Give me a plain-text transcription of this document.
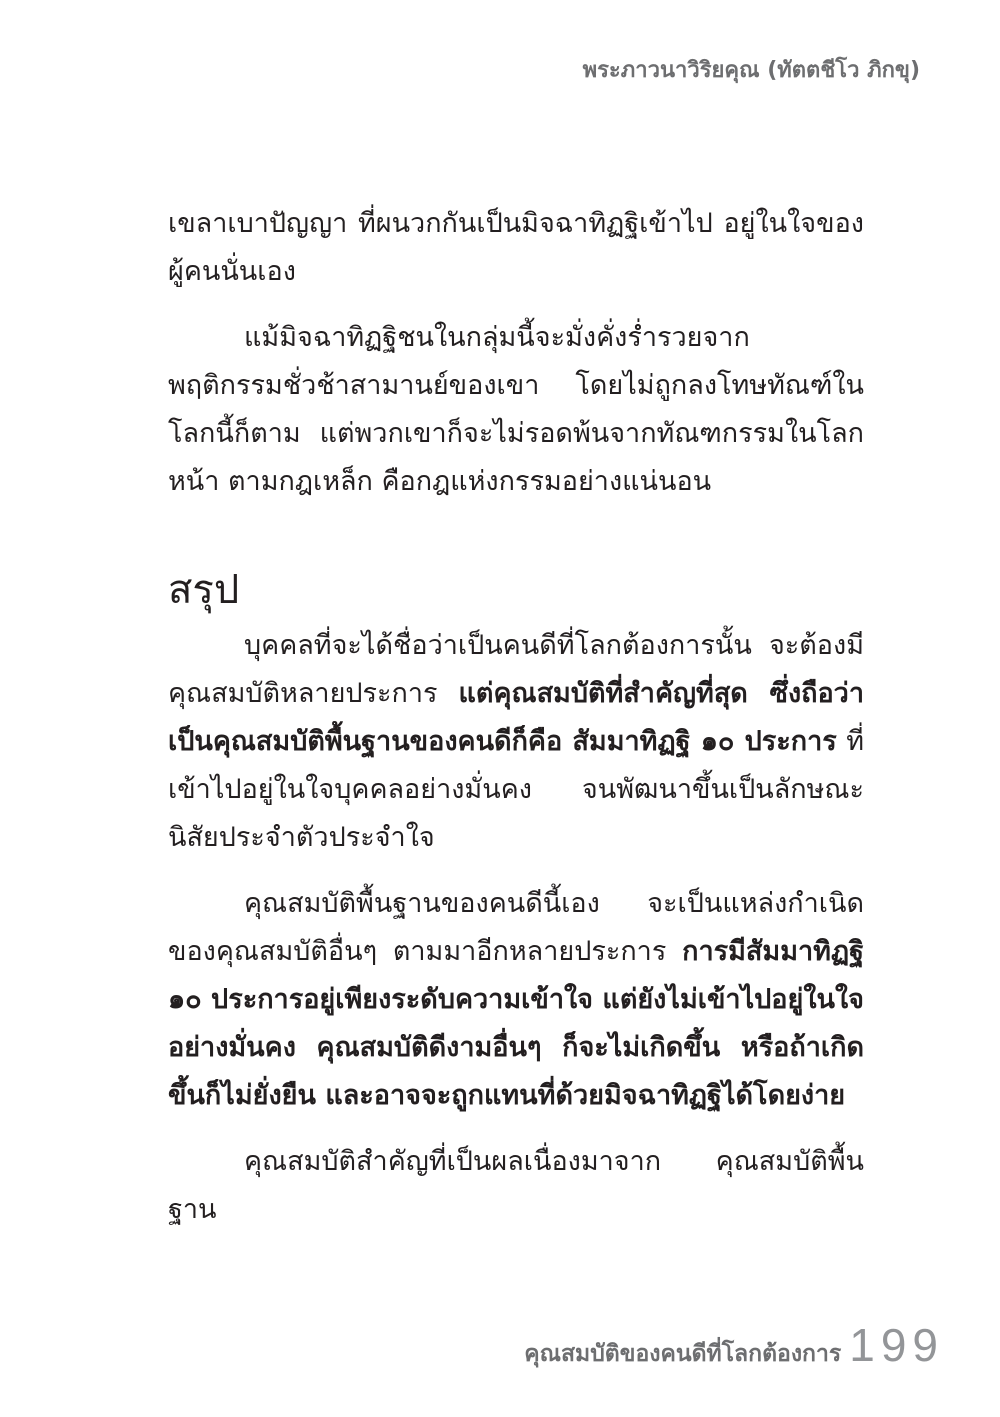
พระภาวนาวิริยคุณ (ทัตตชีโว ภิกขุ)

เขลาเบาปัญญา ที่ผนวกกันเป็นมิจฉาทิฏฐิเข้าไป อยู่ในใจของผู้คนนั่นเอง

แม้มิจฉาทิฏฐิชนในกลุ่มนี้จะมั่งคั่งร่ำรวยจากพฤติกรรมชั่วช้าสามานย์ของเขา โดยไม่ถูกลงโทษทัณฑ์ในโลกนี้ก็ตาม แต่พวกเขาก็จะไม่รอดพ้นจากทัณฑกรรมในโลกหน้า ตามกฎเหล็ก คือกฎแห่งกรรมอย่างแน่นอน

สรุป

บุคคลที่จะได้ชื่อว่าเป็นคนดีที่โลกต้องการนั้น จะต้องมีคุณสมบัติหลายประการ แต่คุณสมบัติที่สำคัญที่สุด ซึ่งถือว่าเป็นคุณสมบัติพื้นฐานของคนดีก็คือ สัมมาทิฏฐิ ๑๐ ประการ ที่เข้าไปอยู่ในใจบุคคลอย่างมั่นคง จนพัฒนาขึ้นเป็นลักษณะนิสัยประจำตัวประจำใจ

คุณสมบัติพื้นฐานของคนดีนี้เอง จะเป็นแหล่งกำเนิดของคุณสมบัติอื่นๆ ตามมาอีกหลายประการ การมีสัมมาทิฏฐิ ๑๐ ประการอยู่เพียงระดับความเข้าใจ แต่ยังไม่เข้าไปอยู่ในใจอย่างมั่นคง คุณสมบัติดีงามอื่นๆ ก็จะไม่เกิดขึ้น หรือถ้าเกิดขึ้นก็ไม่ยั่งยืน และอาจจะถูกแทนที่ด้วยมิจฉาทิฏฐิได้โดยง่าย

คุณสมบัติสำคัญที่เป็นผลเนื่องมาจาก คุณสมบัติพื้นฐาน

คุณสมบัติของคนดีที่โลกต้องการ 199
